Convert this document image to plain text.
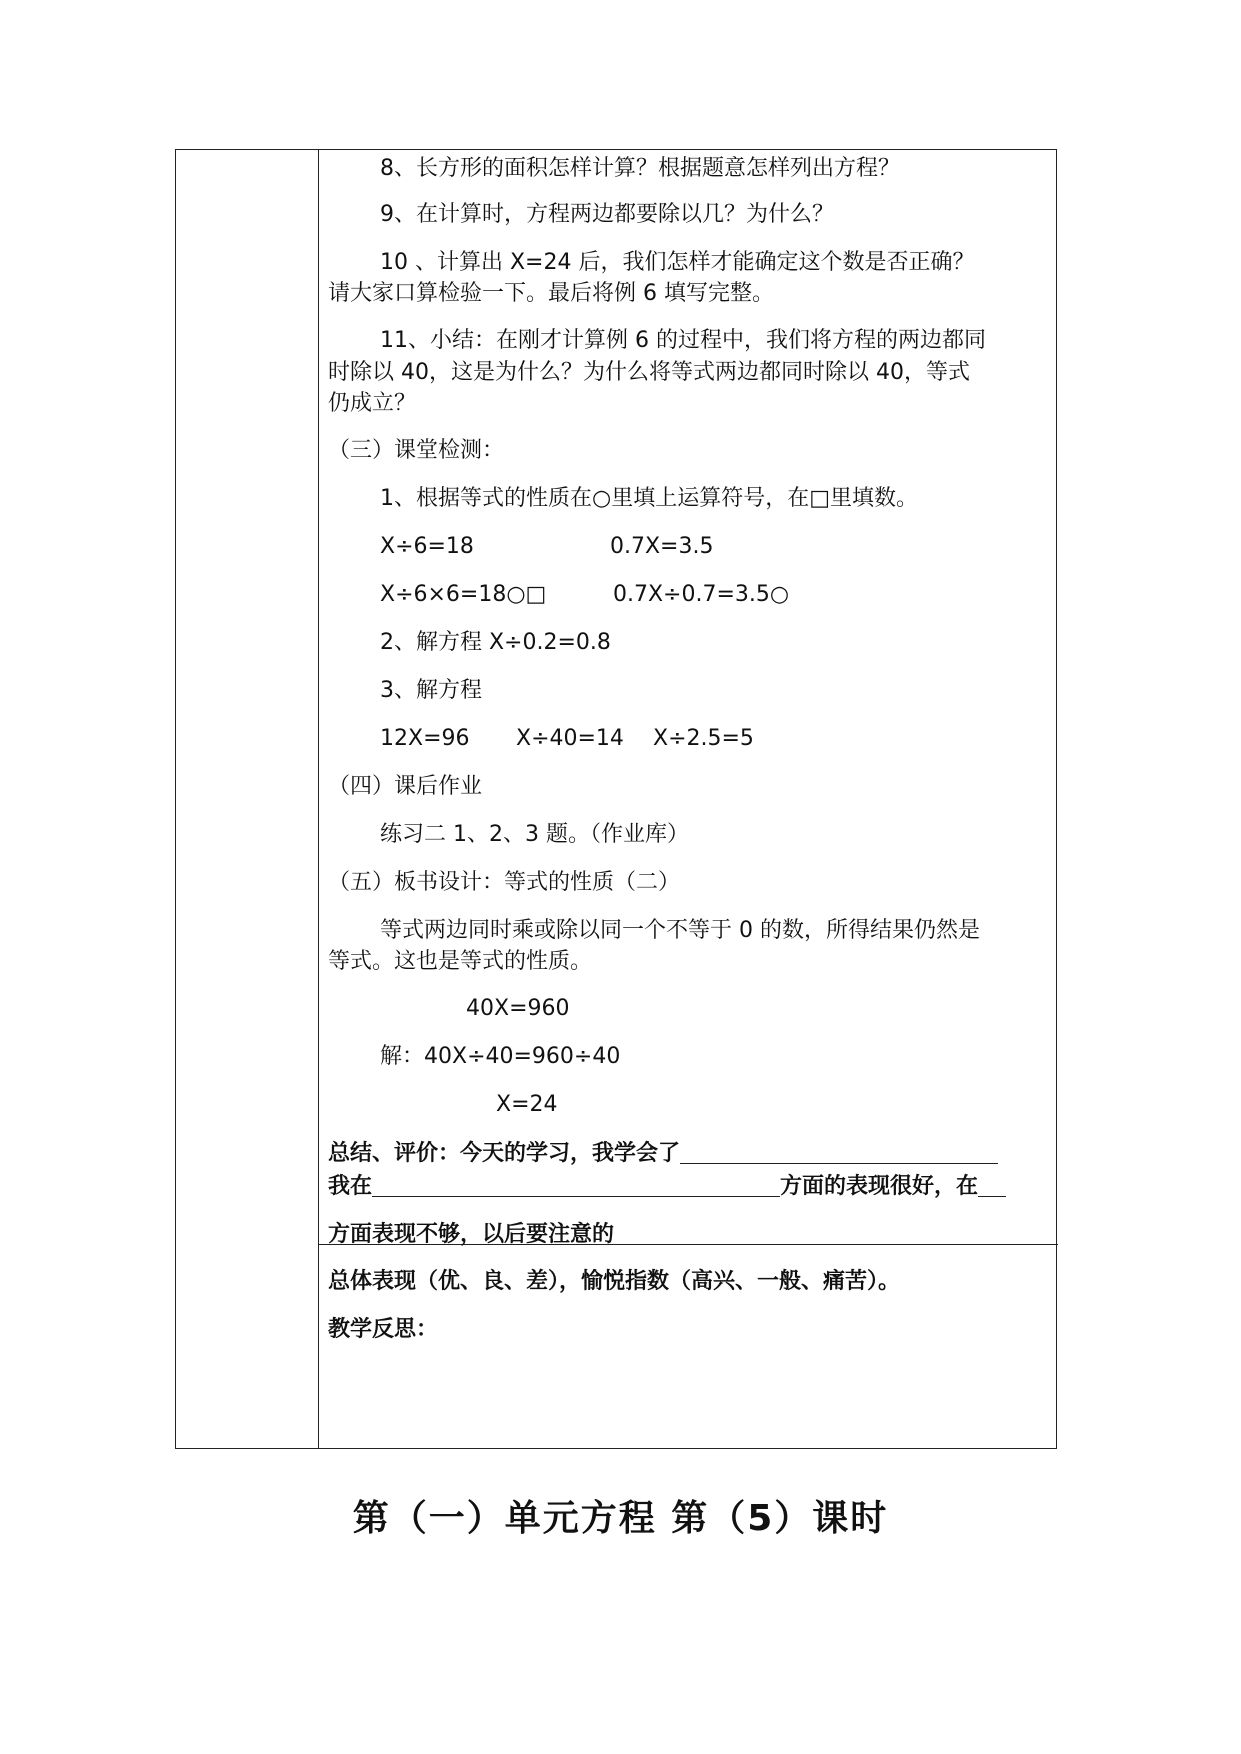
8、长方形的面积怎样计算？根据题意怎样列出方程？
9、在计算时，方程两边都要除以几？为什么？
10 、计算出 X=24 后，我们怎样才能确定这个数是否正确？
请大家口算检验一下。最后将例 6 填写完整。
11、小结：在刚才计算例 6 的过程中，我们将方程的两边都同
时除以 40，这是为什么？为什么将等式两边都同时除以 40，等式
仍成立？
（三）课堂检测：
1、根据等式的性质在○里填上运算符号，在□里填数。
X÷6=18	0.7X=3.5
X÷6×6=18○□	0.7X÷0.7=3.5○
2、解方程 X÷0.2=0.8
3、解方程
12X=96 X÷40=14 X÷2.5=5
（四）课后作业
练习二 1、2、3 题。（作业库）
（五）板书设计：等式的性质（二）
等式两边同时乘或除以同一个不等于 0 的数，所得结果仍然是
等式。这也是等式的性质。
40X=960
解：40X÷40=960÷40
X=24
总结、评价：今天的学习，我学会了
我在	方面的表现很好，在
方面表现不够，以后要注意的
总体表现（优、良、差），愉悦指数（高兴、一般、痛苦）。
教学反思：
第（一）单元方程 第（5）课时
